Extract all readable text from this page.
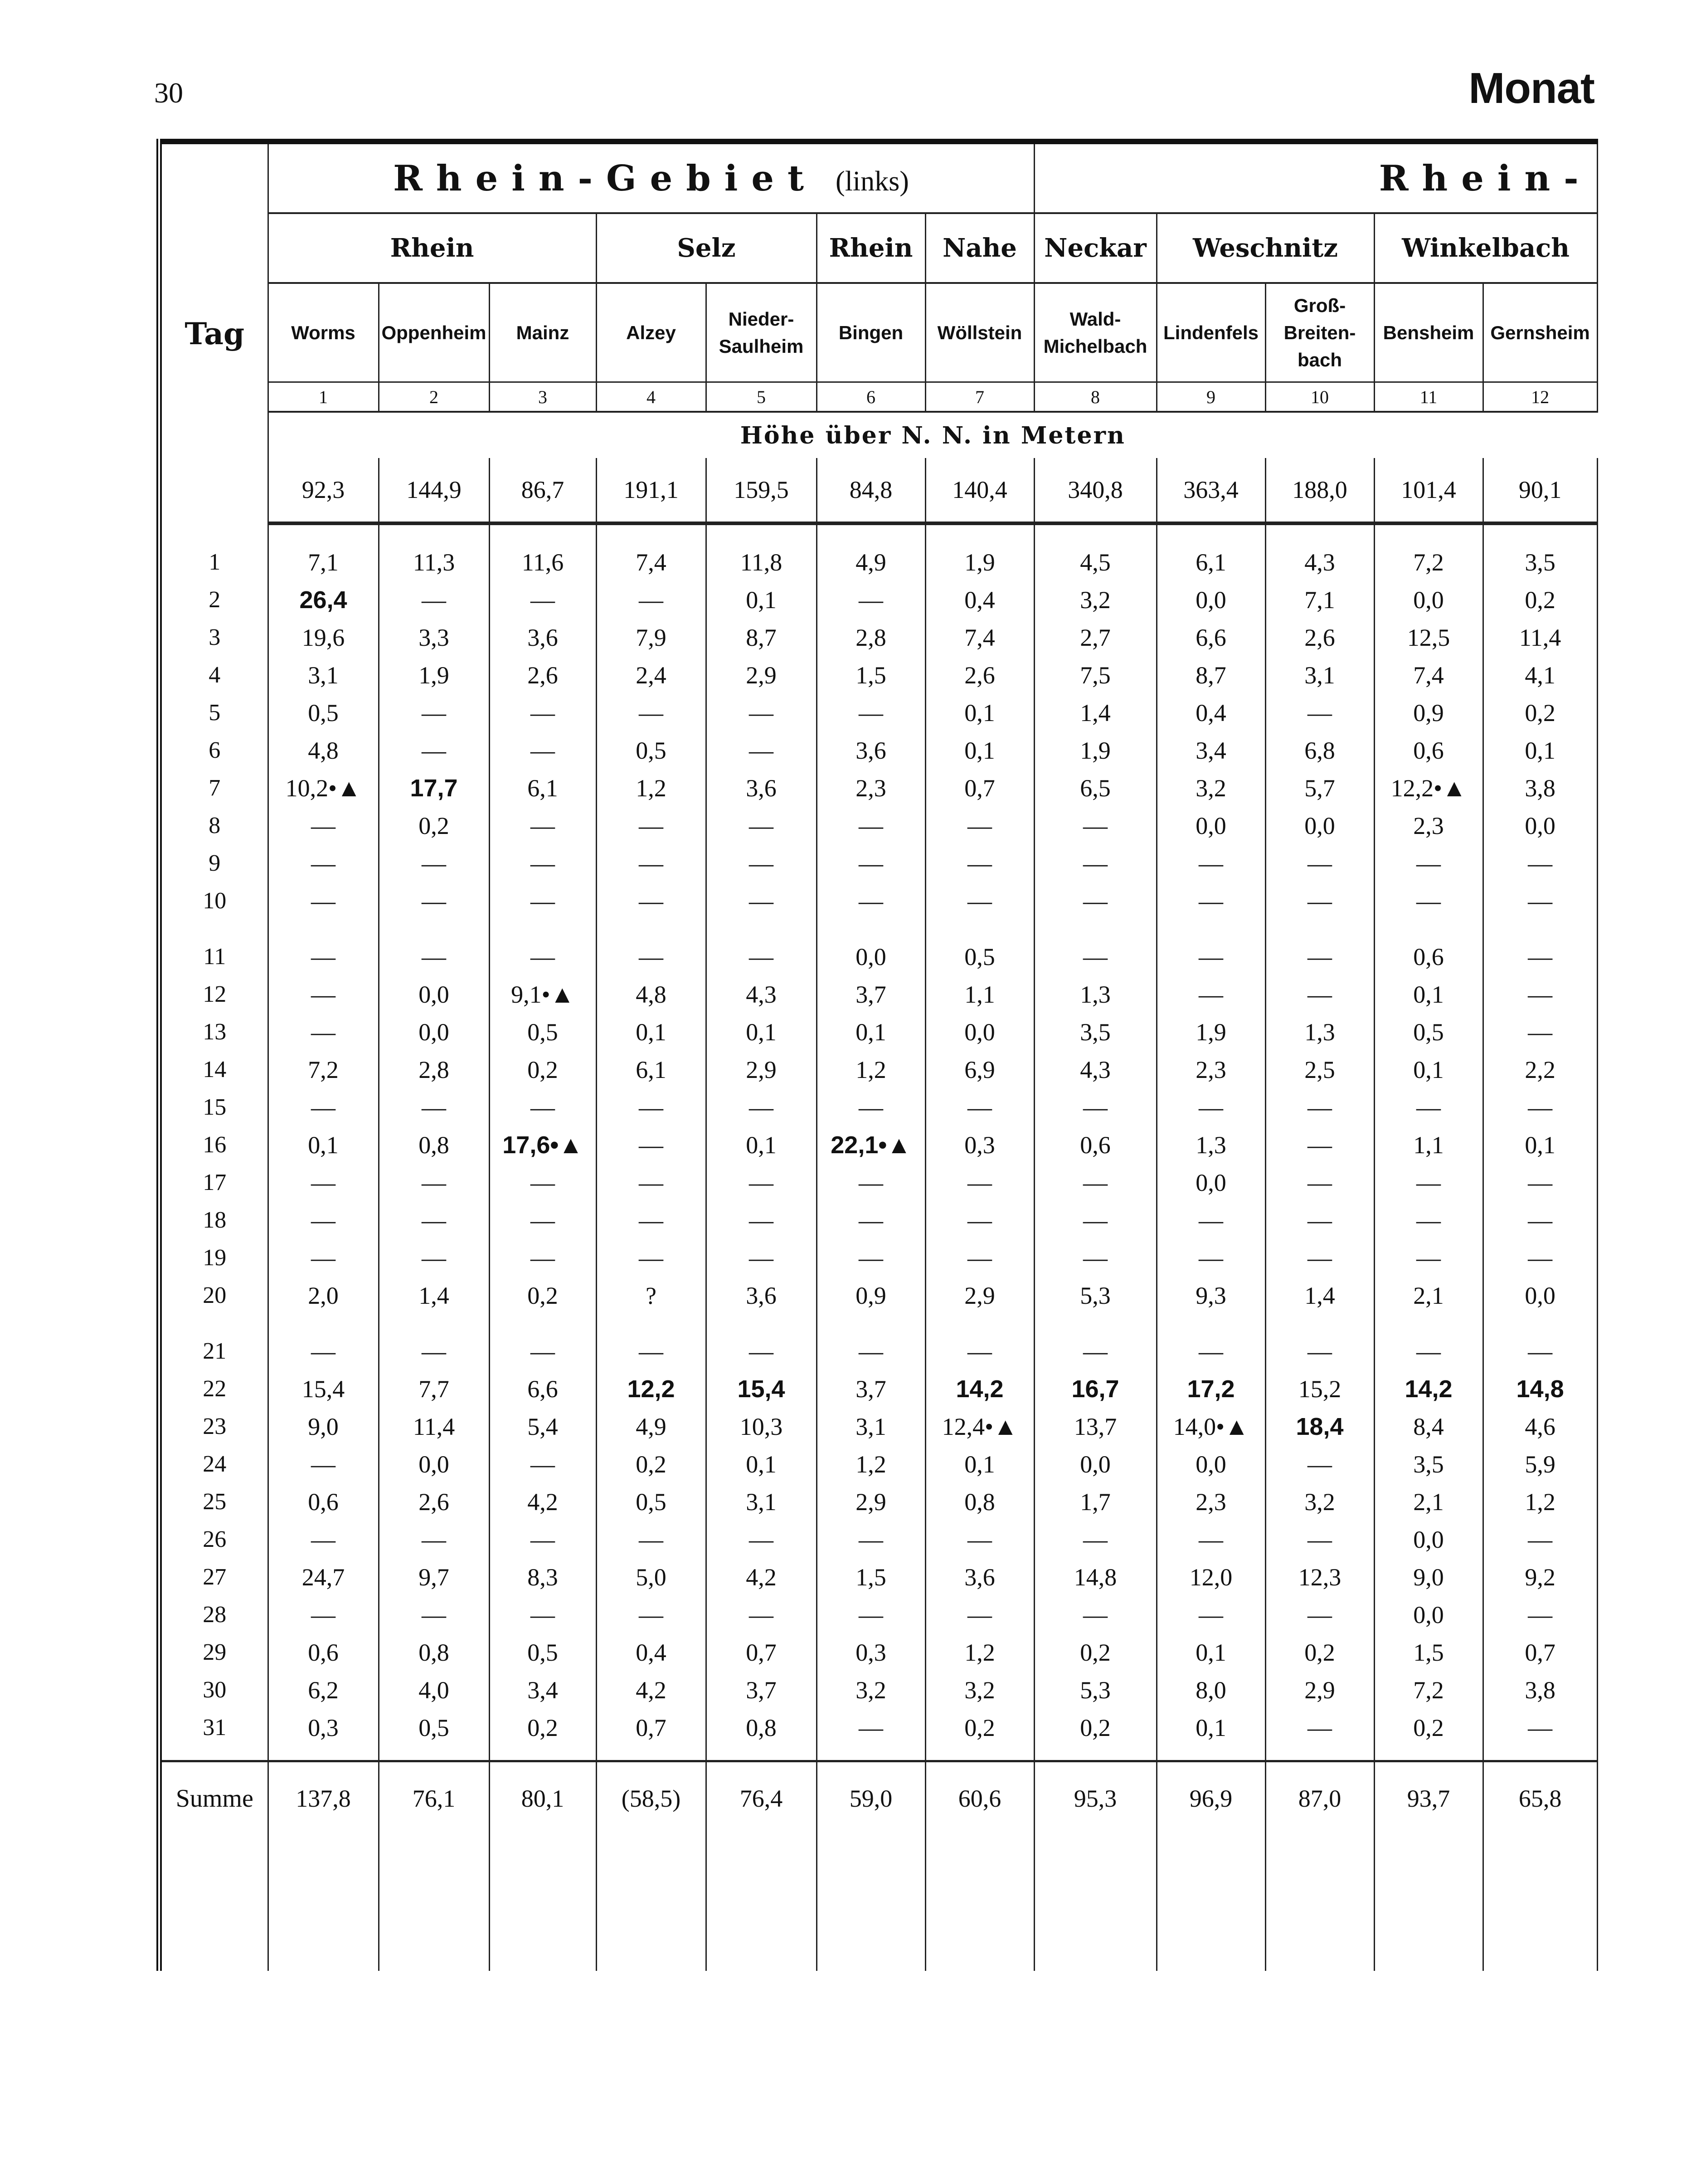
30	Monat
Tag	Rhein-Gebiet (links)							Rhein-				
	Rhein			Selz		Rhein	Nahe	Neckar	Weschnitz		Winkelbach	
	Worms	Oppenheim	Mainz	Alzey	Nieder-Saulheim	Bingen	Wöllstein	Wald-Michelbach	Lindenfels	Groß-Breiten-bach	Bensheim	Gernsheim
	1	2	3	4	5	6	7	8	9	10	11	12
	Höhe über N. N. in Metern											
	92,3	144,9	86,7	191,1	159,5	84,8	140,4	340,8	363,4	188,0	101,4	90,1

1	7,1	11,3	11,6	7,4	11,8	4,9	1,9	4,5	6,1	4,3	7,2	3,5
2	26,4	—	—	—	0,1	—	0,4	3,2	0,0	7,1	0,0	0,2
3	19,6	3,3	3,6	7,9	8,7	2,8	7,4	2,7	6,6	2,6	12,5	11,4
4	3,1	1,9	2,6	2,4	2,9	1,5	2,6	7,5	8,7	3,1	7,4	4,1
5	0,5	—	—	—	—	—	0,1	1,4	0,4	—	0,9	0,2
6	4,8	—	—	0,5	—	3,6	0,1	1,9	3,4	6,8	0,6	0,1
7	10,2•▲	17,7	6,1	1,2	3,6	2,3	0,7	6,5	3,2	5,7	12,2•▲	3,8
8	—	0,2	—	—	—	—	—	—	0,0	0,0	2,3	0,0
9	—	—	—	—	—	—	—	—	—	—	—	—
10	—	—	—	—	—	—	—	—	—	—	—	—

11	—	—	—	—	—	0,0	0,5	—	—	—	0,6	—
12	—	0,0	9,1•▲	4,8	4,3	3,7	1,1	1,3	—	—	0,1	—
13	—	0,0	0,5	0,1	0,1	0,1	0,0	3,5	1,9	1,3	0,5	—
14	7,2	2,8	0,2	6,1	2,9	1,2	6,9	4,3	2,3	2,5	0,1	2,2
15	—	—	—	—	—	—	—	—	—	—	—	—
16	0,1	0,8	17,6•▲	—	0,1	22,1•▲	0,3	0,6	1,3	—	1,1	0,1
17	—	—	—	—	—	—	—	—	0,0	—	—	—
18	—	—	—	—	—	—	—	—	—	—	—	—
19	—	—	—	—	—	—	—	—	—	—	—	—
20	2,0	1,4	0,2	?	3,6	0,9	2,9	5,3	9,3	1,4	2,1	0,0

21	—	—	—	—	—	—	—	—	—	—	—	—
22	15,4	7,7	6,6	12,2	15,4	3,7	14,2	16,7	17,2	15,2	14,2	14,8
23	9,0	11,4	5,4	4,9	10,3	3,1	12,4•▲	13,7	14,0•▲	18,4	8,4	4,6
24	—	0,0	—	0,2	0,1	1,2	0,1	0,0	0,0	—	3,5	5,9
25	0,6	2,6	4,2	0,5	3,1	2,9	0,8	1,7	2,3	3,2	2,1	1,2
26	—	—	—	—	—	—	—	—	—	—	0,0	—
27	24,7	9,7	8,3	5,0	4,2	1,5	3,6	14,8	12,0	12,3	9,0	9,2
28	—	—	—	—	—	—	—	—	—	—	0,0	—
29	0,6	0,8	0,5	0,4	0,7	0,3	1,2	0,2	0,1	0,2	1,5	0,7
30	6,2	4,0	3,4	4,2	3,7	3,2	3,2	5,3	8,0	2,9	7,2	3,8
31	0,3	0,5	0,2	0,7	0,8	—	0,2	0,2	0,1	—	0,2	—

Summe	137,8	76,1	80,1	(58,5)	76,4	59,0	60,6	95,3	96,9	87,0	93,7	65,8
